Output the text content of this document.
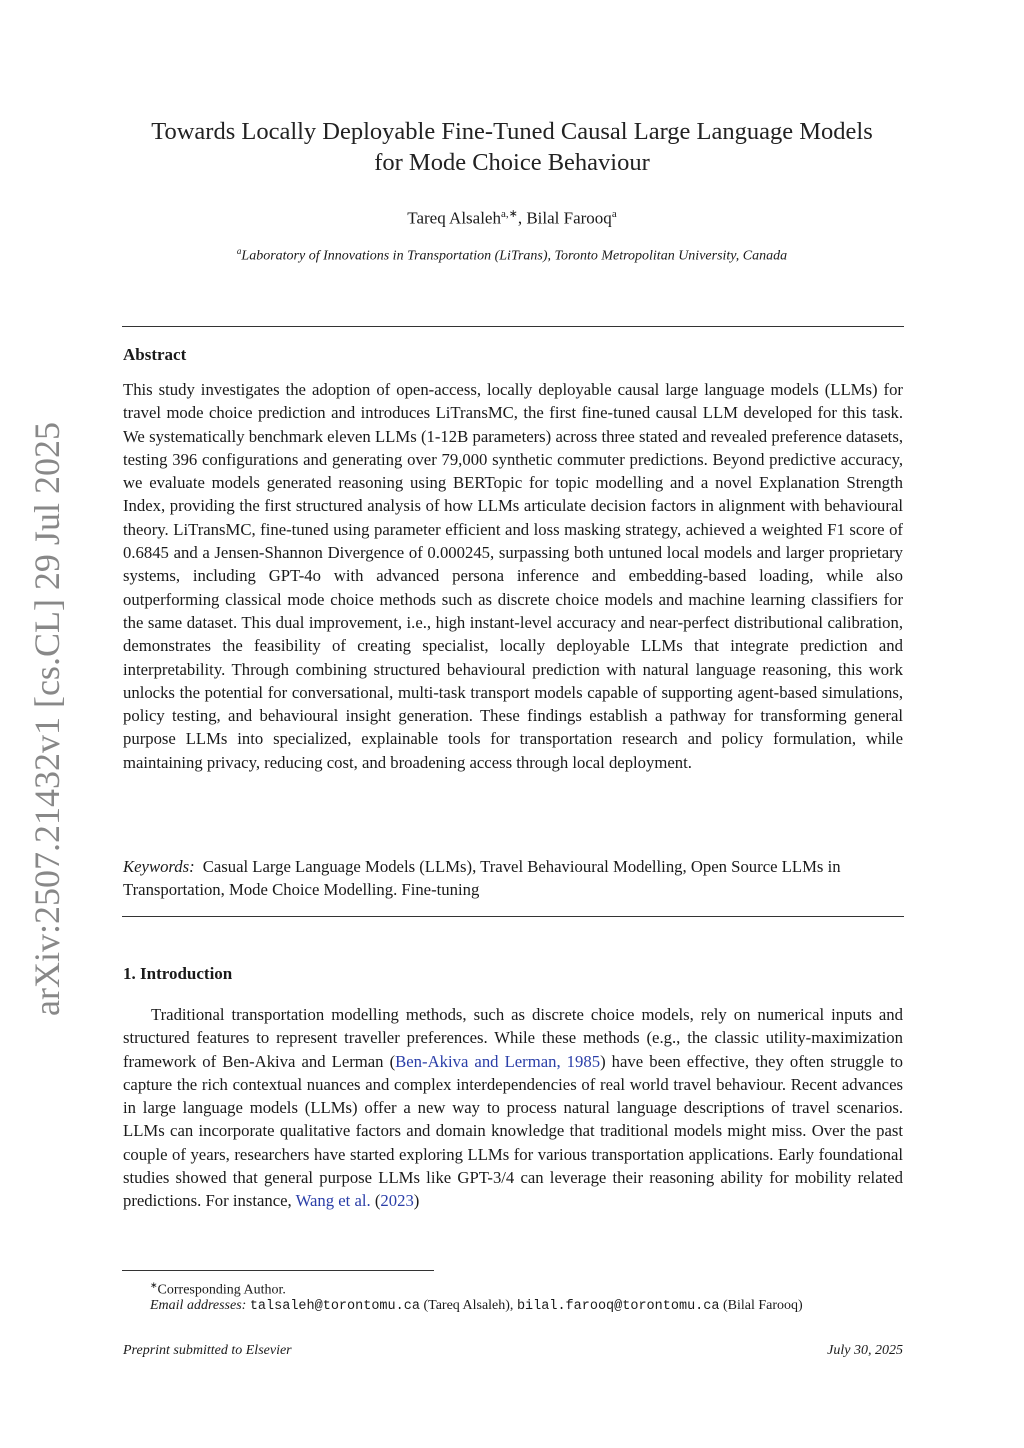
arXiv:2507.21432v1 [cs.CL] 29 Jul 2025
Towards Locally Deployable Fine-Tuned Causal Large Language Models
for Mode Choice Behaviour
Tareq Alsaleh$^{a,∗}$, Bilal Farooq$^a$
$^a$Laboratory of Innovations in Transportation (LiTrans), Toronto Metropolitan University, Canada
Abstract
This study investigates the adoption of open-access, locally deployable causal large language models (LLMs) for travel mode choice prediction and introduces LiTransMC, the first fine-tuned causal LLM developed for this task. We systematically benchmark eleven LLMs (1-12B parameters) across three stated and revealed preference datasets, testing 396 configurations and generating over 79,000 synthetic commuter predictions. Beyond predictive accuracy, we evaluate models generated reasoning using BERTopic for topic modelling and a novel Explanation Strength Index, providing the first structured analysis of how LLMs articulate decision factors in alignment with behavioural theory. LiTransMC, fine-tuned using parameter efficient and loss masking strategy, achieved a weighted F1 score of 0.6845 and a Jensen-Shannon Divergence of 0.000245, surpassing both untuned local models and larger proprietary systems, including GPT-4o with advanced persona inference and embedding-based loading, while also outperforming classical mode choice methods such as discrete choice models and machine learning classifiers for the same dataset. This dual improvement, i.e., high instant-level accuracy and near-perfect distributional calibration, demonstrates the feasibility of creating specialist, locally deployable LLMs that integrate prediction and interpretability. Through combining structured behavioural prediction with natural language reasoning, this work unlocks the potential for conversational, multi-task transport models capable of supporting agent-based simulations, policy testing, and behavioural insight generation. These findings establish a pathway for transforming general purpose LLMs into specialized, explainable tools for transportation research and policy formulation, while maintaining privacy, reducing cost, and broadening access through local deployment.
Keywords: Casual Large Language Models (LLMs), Travel Behavioural Modelling, Open Source LLMs in Transportation, Mode Choice Modelling. Fine-tuning
1. Introduction
Traditional transportation modelling methods, such as discrete choice models, rely on numerical inputs and structured features to represent traveller preferences. While these methods (e.g., the classic utility-maximization framework of Ben-Akiva and Lerman (Ben-Akiva and Lerman, 1985) have been effective, they often struggle to capture the rich contextual nuances and complex interdependencies of real world travel behaviour. Recent advances in large language models (LLMs) offer a new way to process natural language descriptions of travel scenarios. LLMs can incorporate qualitative factors and domain knowledge that traditional models might miss. Over the past couple of years, researchers have started exploring LLMs for various transportation applications. Early foundational studies showed that general purpose LLMs like GPT-3/4 can leverage their reasoning ability for mobility related predictions. For instance, Wang et al. (2023)
∗Corresponding Author.
Email addresses: talsaleh@torontomu.ca (Tareq Alsaleh), bilal.farooq@torontomu.ca (Bilal Farooq)
Preprint submitted to Elsevier	July 30, 2025
